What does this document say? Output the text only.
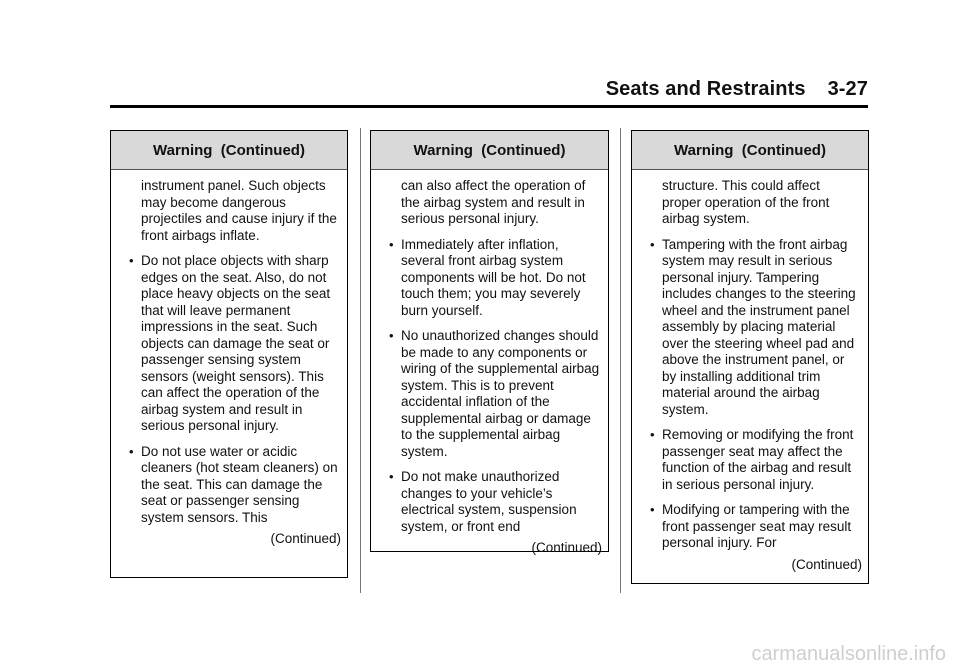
Seats and Restraints 3-27
Warning  (Continued)
instrument panel. Such objects may become dangerous projectiles and cause injury if the front airbags inflate.
• Do not place objects with sharp edges on the seat. Also, do not place heavy objects on the seat that will leave permanent impressions in the seat. Such objects can damage the seat or passenger sensing system sensors (weight sensors). This can affect the operation of the airbag system and result in serious personal injury.
• Do not use water or acidic cleaners (hot steam cleaners) on the seat. This can damage the seat or passenger sensing system sensors. This
(Continued)
Warning  (Continued)
can also affect the operation of the airbag system and result in serious personal injury.
• Immediately after inflation, several front airbag system components will be hot. Do not touch them; you may severely burn yourself.
• No unauthorized changes should be made to any components or wiring of the supplemental airbag system. This is to prevent accidental inflation of the supplemental airbag or damage to the supplemental airbag system.
• Do not make unauthorized changes to your vehicle’s electrical system, suspension system, or front end
(Continued)
Warning  (Continued)
structure. This could affect proper operation of the front airbag system.
• Tampering with the front airbag system may result in serious personal injury. Tampering includes changes to the steering wheel and the instrument panel assembly by placing material over the steering wheel pad and above the instrument panel, or by installing additional trim material around the airbag system.
• Removing or modifying the front passenger seat may affect the function of the airbag and result in serious personal injury.
• Modifying or tampering with the front passenger seat may result personal injury. For
(Continued)
carmanualsonline.info
